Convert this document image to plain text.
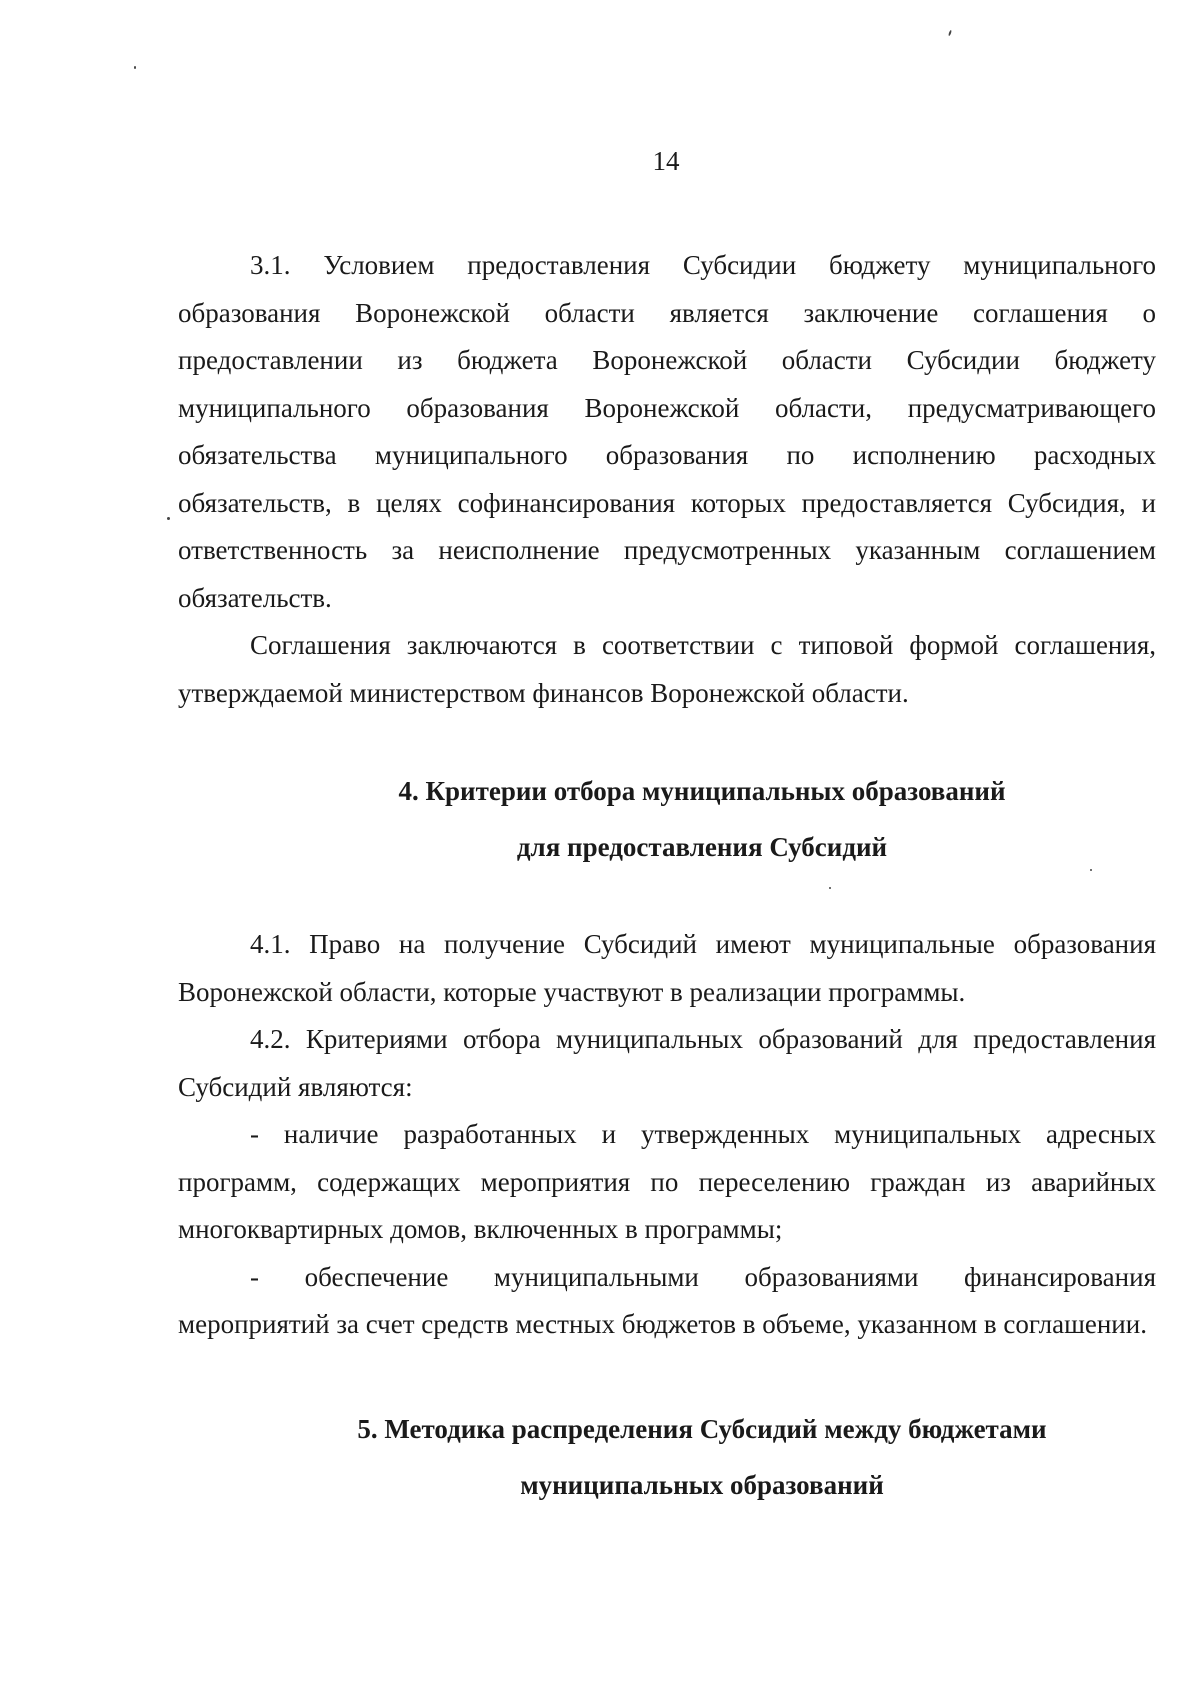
14

3.1. Условием предоставления Субсидии бюджету муниципального образования Воронежской области является заключение соглашения о предоставлении из бюджета Воронежской области Субсидии бюджету муниципального образования Воронежской области, предусматривающего обязательства муниципального образования по исполнению расходных обязательств, в целях софинансирования которых предоставляется Субсидия, и ответственность за неисполнение предусмотренных указанным соглашением обязательств.

Соглашения заключаются в соответствии с типовой формой соглашения, утверждаемой министерством финансов Воронежской области.

4. Критерии отбора муниципальных образований
для предоставления Субсидий

4.1. Право на получение Субсидий имеют муниципальные образования Воронежской области, которые участвуют в реализации программы.

4.2. Критериями отбора муниципальных образований для предоставления Субсидий являются:

- наличие разработанных и утвержденных муниципальных адресных программ, содержащих мероприятия по переселению граждан из аварийных многоквартирных домов, включенных в программы;

- обеспечение муниципальными образованиями финансирования мероприятий за счет средств местных бюджетов в объеме, указанном в соглашении.

5. Методика распределения Субсидий между бюджетами
муниципальных образований
